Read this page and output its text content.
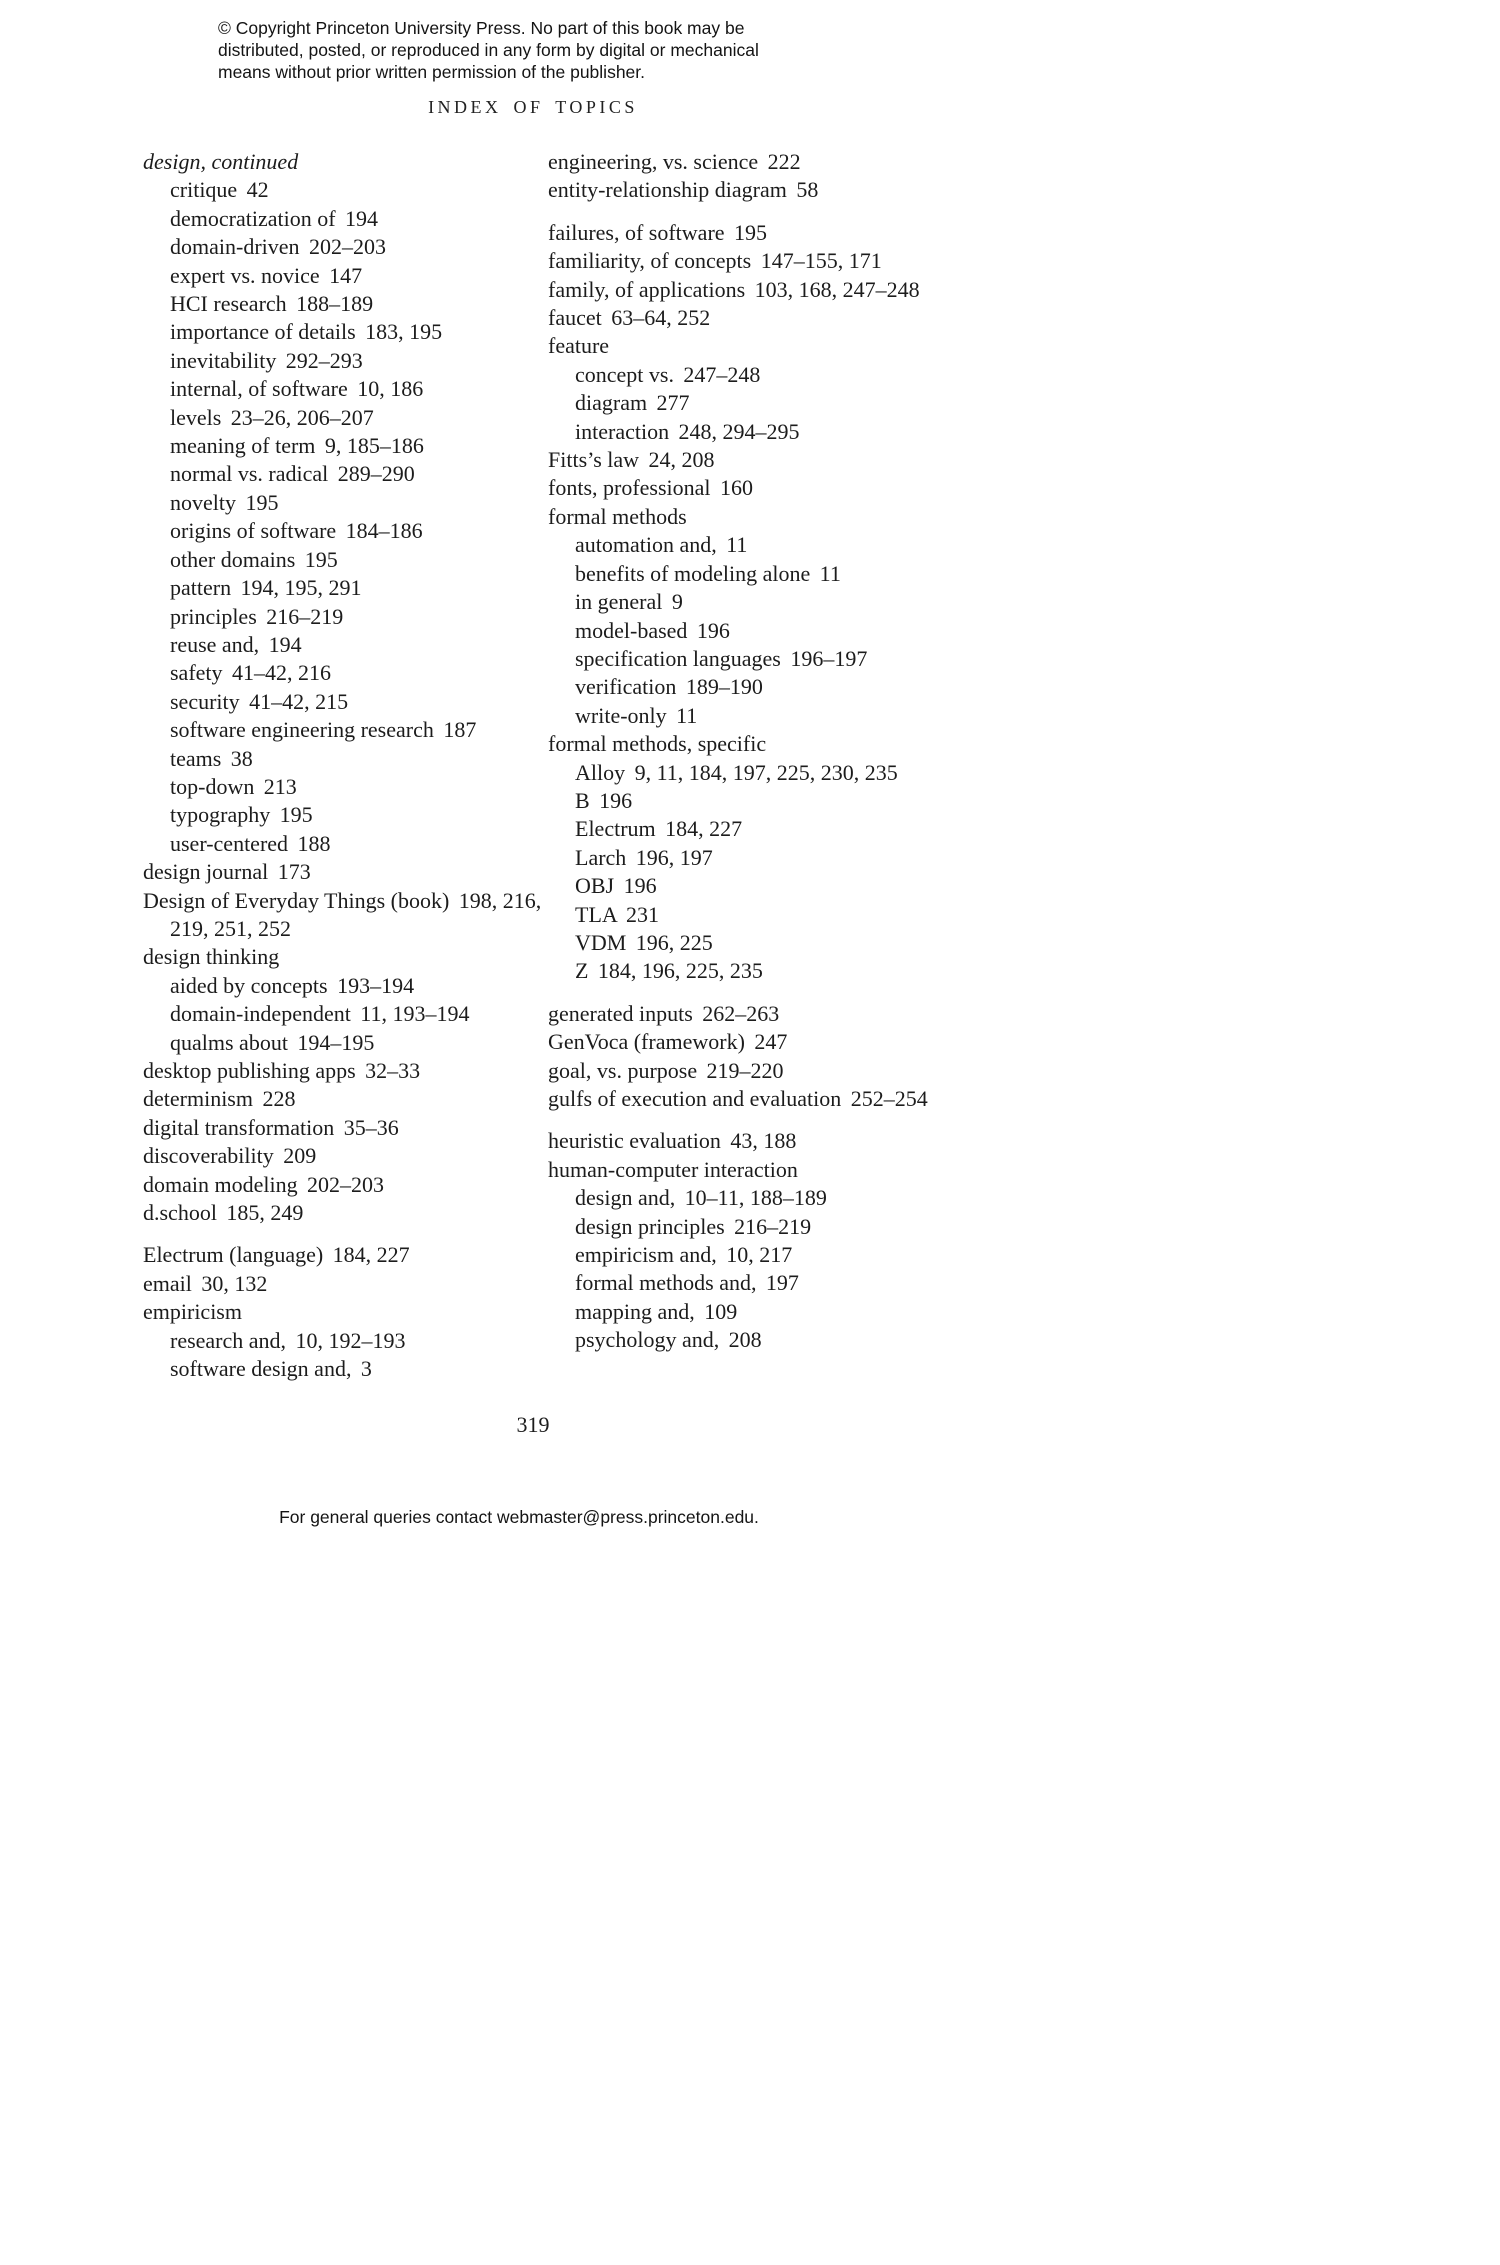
© Copyright Princeton University Press. No part of this book may be
distributed, posted, or reproduced in any form by digital or mechanical
means without prior written permission of the publisher.
INDEX OF TOPICS
design, continued
critique 42
democratization of 194
domain-driven 202–203
expert vs. novice 147
HCI research 188–189
importance of details 183, 195
inevitability 292–293
internal, of software 10, 186
levels 23–26, 206–207
meaning of term 9, 185–186
normal vs. radical 289–290
novelty 195
origins of software 184–186
other domains 195
pattern 194, 195, 291
principles 216–219
reuse and, 194
safety 41–42, 216
security 41–42, 215
software engineering research 187
teams 38
top-down 213
typography 195
user-centered 188
design journal 173
Design of Everyday Things (book) 198, 216, 219, 251, 252
design thinking
aided by concepts 193–194
domain-independent 11, 193–194
qualms about 194–195
desktop publishing apps 32–33
determinism 228
digital transformation 35–36
discoverability 209
domain modeling 202–203
d.school 185, 249
Electrum (language) 184, 227
email 30, 132
empiricism
research and, 10, 192–193
software design and, 3
engineering, vs. science 222
entity-relationship diagram 58
failures, of software 195
familiarity, of concepts 147–155, 171
family, of applications 103, 168, 247–248
faucet 63–64, 252
feature
concept vs. 247–248
diagram 277
interaction 248, 294–295
Fitts’s law 24, 208
fonts, professional 160
formal methods
automation and, 11
benefits of modeling alone 11
in general 9
model-based 196
specification languages 196–197
verification 189–190
write-only 11
formal methods, specific
Alloy 9, 11, 184, 197, 225, 230, 235
B 196
Electrum 184, 227
Larch 196, 197
OBJ 196
TLA 231
VDM 196, 225
Z 184, 196, 225, 235
generated inputs 262–263
GenVoca (framework) 247
goal, vs. purpose 219–220
gulfs of execution and evaluation 252–254
heuristic evaluation 43, 188
human-computer interaction
design and, 10–11, 188–189
design principles 216–219
empiricism and, 10, 217
formal methods and, 197
mapping and, 109
psychology and, 208
319
For general queries contact webmaster@press.princeton.edu.
